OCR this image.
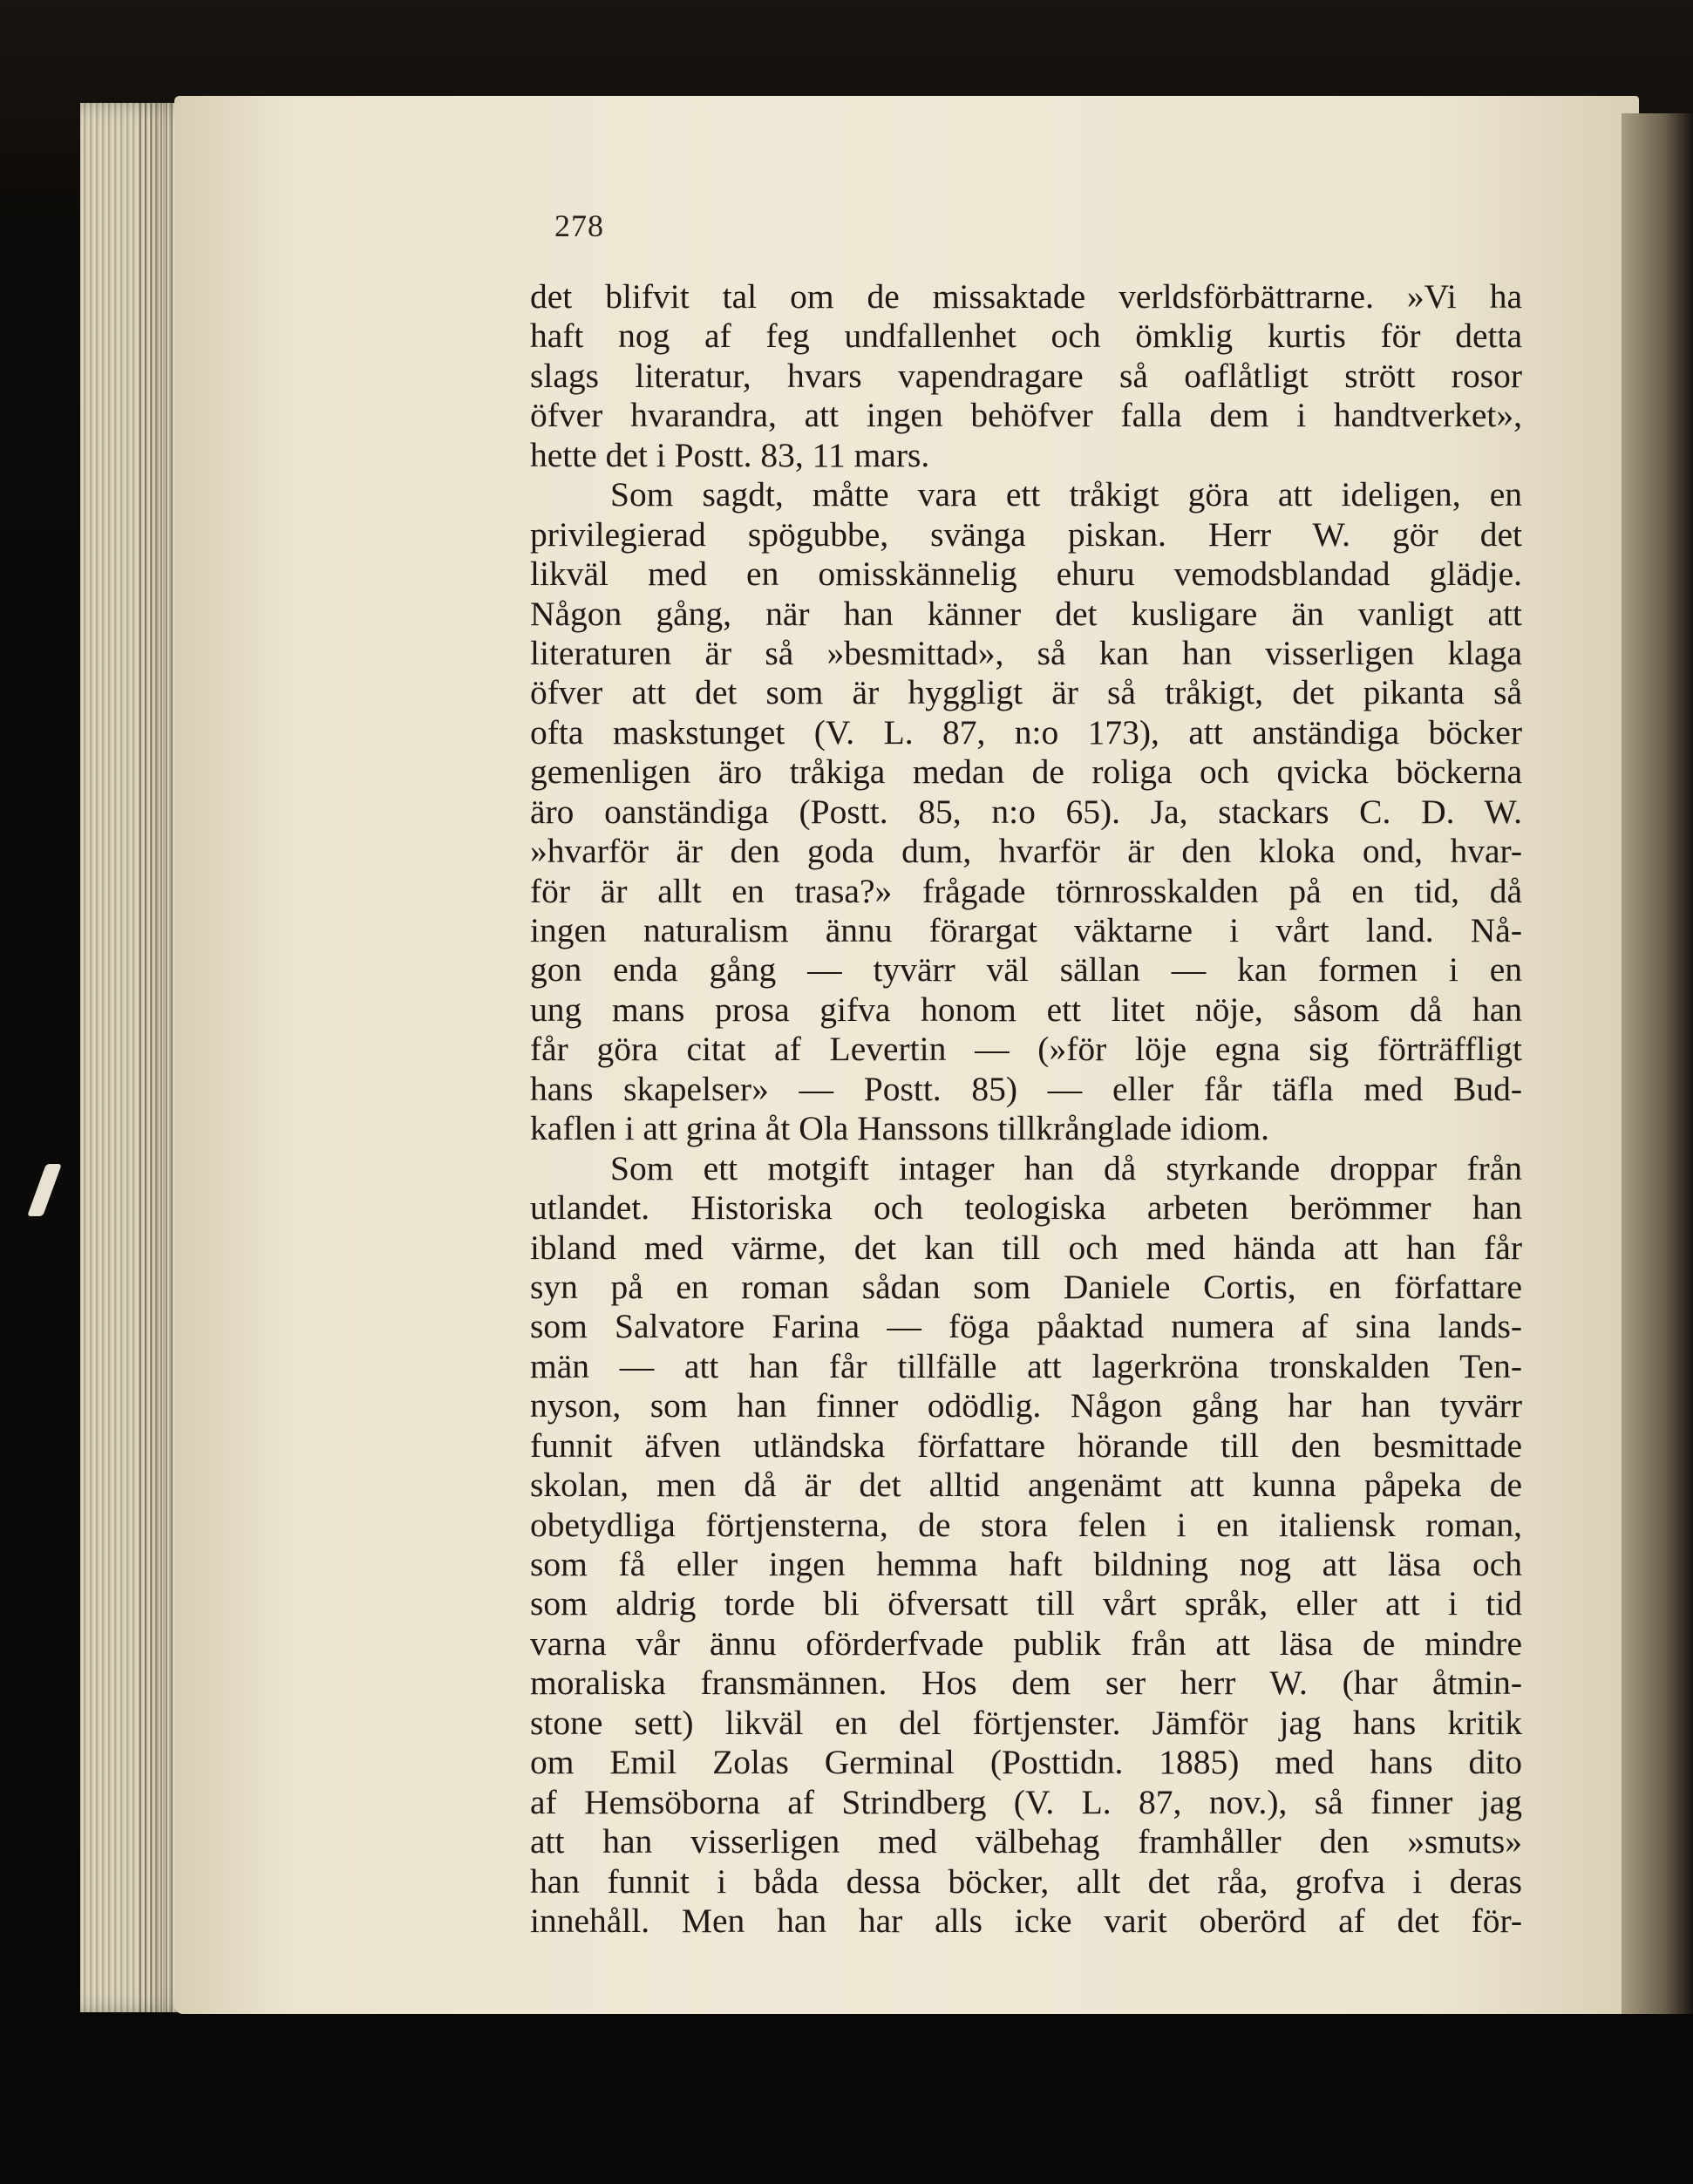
278
det blifvit tal om de missaktade verldsförbättrarne. »Vi ha
haft nog af feg undfallenhet och ömklig kurtis för detta
slags literatur, hvars vapendragare så oaflåtligt strött rosor
öfver hvarandra, att ingen behöfver falla dem i handtverket»,
hette det i Postt. 83, 11 mars.
Som sagdt, måtte vara ett tråkigt göra att ideligen, en
privilegierad spögubbe, svänga piskan. Herr W. gör det
likväl med en omisskännelig ehuru vemodsblandad glädje.
Någon gång, när han känner det kusligare än vanligt att
literaturen är så »besmittad», så kan han visserligen klaga
öfver att det som är hyggligt är så tråkigt, det pikanta så
ofta maskstunget (V. L. 87, n:o 173), att anständiga böcker
gemenligen äro tråkiga medan de roliga och qvicka böckerna
äro oanständiga (Postt. 85, n:o 65). Ja, stackars C. D. W.
»hvarför är den goda dum, hvarför är den kloka ond, hvar-
för är allt en trasa?» frågade törnrosskalden på en tid, då
ingen naturalism ännu förargat väktarne i vårt land. Nå-
gon enda gång — tyvärr väl sällan — kan formen i en
ung mans prosa gifva honom ett litet nöje, såsom då han
får göra citat af Levertin — (»för löje egna sig förträffligt
hans skapelser» — Postt. 85) — eller får täfla med Bud-
kaflen i att grina åt Ola Hanssons tillkrånglade idiom.
Som ett motgift intager han då styrkande droppar från
utlandet. Historiska och teologiska arbeten berömmer han
ibland med värme, det kan till och med hända att han får
syn på en roman sådan som Daniele Cortis, en författare
som Salvatore Farina — föga påaktad numera af sina lands-
män — att han får tillfälle att lagerkröna tronskalden Ten-
nyson, som han finner odödlig. Någon gång har han tyvärr
funnit äfven utländska författare hörande till den besmittade
skolan, men då är det alltid angenämt att kunna påpeka de
obetydliga förtjensterna, de stora felen i en italiensk roman,
som få eller ingen hemma haft bildning nog att läsa och
som aldrig torde bli öfversatt till vårt språk, eller att i tid
varna vår ännu oförderfvade publik från att läsa de mindre
moraliska fransmännen. Hos dem ser herr W. (har åtmin-
stone sett) likväl en del förtjenster. Jämför jag hans kritik
om Emil Zolas Germinal (Posttidn. 1885) med hans dito
af Hemsöborna af Strindberg (V. L. 87, nov.), så finner jag
att han visserligen med välbehag framhåller den »smuts»
han funnit i båda dessa böcker, allt det råa, grofva i deras
innehåll. Men han har alls icke varit oberörd af det för-
